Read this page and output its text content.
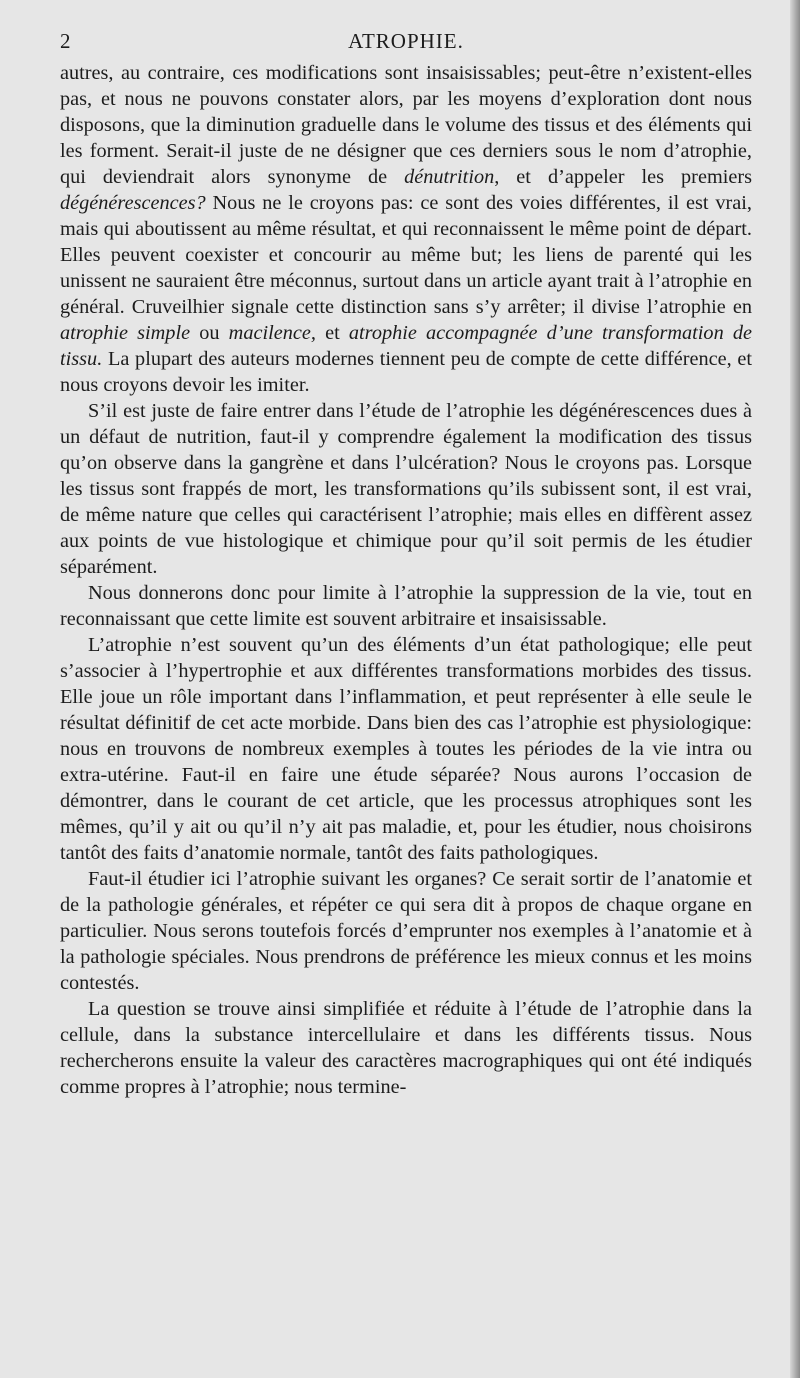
2	ATROPHIE.

autres, au contraire, ces modifications sont insaisissables; peut-être n’existent-elles pas, et nous ne pouvons constater alors, par les moyens d’exploration dont nous disposons, que la diminution graduelle dans le volume des tissus et des éléments qui les forment. Serait-il juste de ne désigner que ces derniers sous le nom d’atrophie, qui deviendrait alors synonyme de dénutrition, et d’appeler les premiers dégénérescences? Nous ne le croyons pas: ce sont des voies différentes, il est vrai, mais qui aboutissent au même résultat, et qui reconnaissent le même point de départ. Elles peuvent coexister et concourir au même but; les liens de parenté qui les unissent ne sauraient être méconnus, surtout dans un article ayant trait à l’atrophie en général. Cruveilhier signale cette distinction sans s’y arrêter; il divise l’atrophie en atrophie simple ou macilence, et atrophie accompagnée d’une transformation de tissu. La plupart des auteurs modernes tiennent peu de compte de cette différence, et nous croyons devoir les imiter.

S’il est juste de faire entrer dans l’étude de l’atrophie les dégénérescences dues à un défaut de nutrition, faut-il y comprendre également la modification des tissus qu’on observe dans la gangrène et dans l’ulcération? Nous le croyons pas. Lorsque les tissus sont frappés de mort, les transformations qu’ils subissent sont, il est vrai, de même nature que celles qui caractérisent l’atrophie; mais elles en diffèrent assez aux points de vue histologique et chimique pour qu’il soit permis de les étudier séparément.

Nous donnerons donc pour limite à l’atrophie la suppression de la vie, tout en reconnaissant que cette limite est souvent arbitraire et insaisissable.

L’atrophie n’est souvent qu’un des éléments d’un état pathologique; elle peut s’associer à l’hypertrophie et aux différentes transformations morbides des tissus. Elle joue un rôle important dans l’inflammation, et peut représenter à elle seule le résultat définitif de cet acte morbide. Dans bien des cas l’atrophie est physiologique: nous en trouvons de nombreux exemples à toutes les périodes de la vie intra ou extra-utérine. Faut-il en faire une étude séparée? Nous aurons l’occasion de démontrer, dans le courant de cet article, que les processus atrophiques sont les mêmes, qu’il y ait ou qu’il n’y ait pas maladie, et, pour les étudier, nous choisirons tantôt des faits d’anatomie normale, tantôt des faits pathologiques.

Faut-il étudier ici l’atrophie suivant les organes? Ce serait sortir de l’anatomie et de la pathologie générales, et répéter ce qui sera dit à propos de chaque organe en particulier. Nous serons toutefois forcés d’emprunter nos exemples à l’anatomie et à la pathologie spéciales. Nous prendrons de préférence les mieux connus et les moins contestés.

La question se trouve ainsi simplifiée et réduite à l’étude de l’atrophie dans la cellule, dans la substance intercellulaire et dans les différents tissus. Nous rechercherons ensuite la valeur des caractères macrographiques qui ont été indiqués comme propres à l’atrophie; nous termine-
